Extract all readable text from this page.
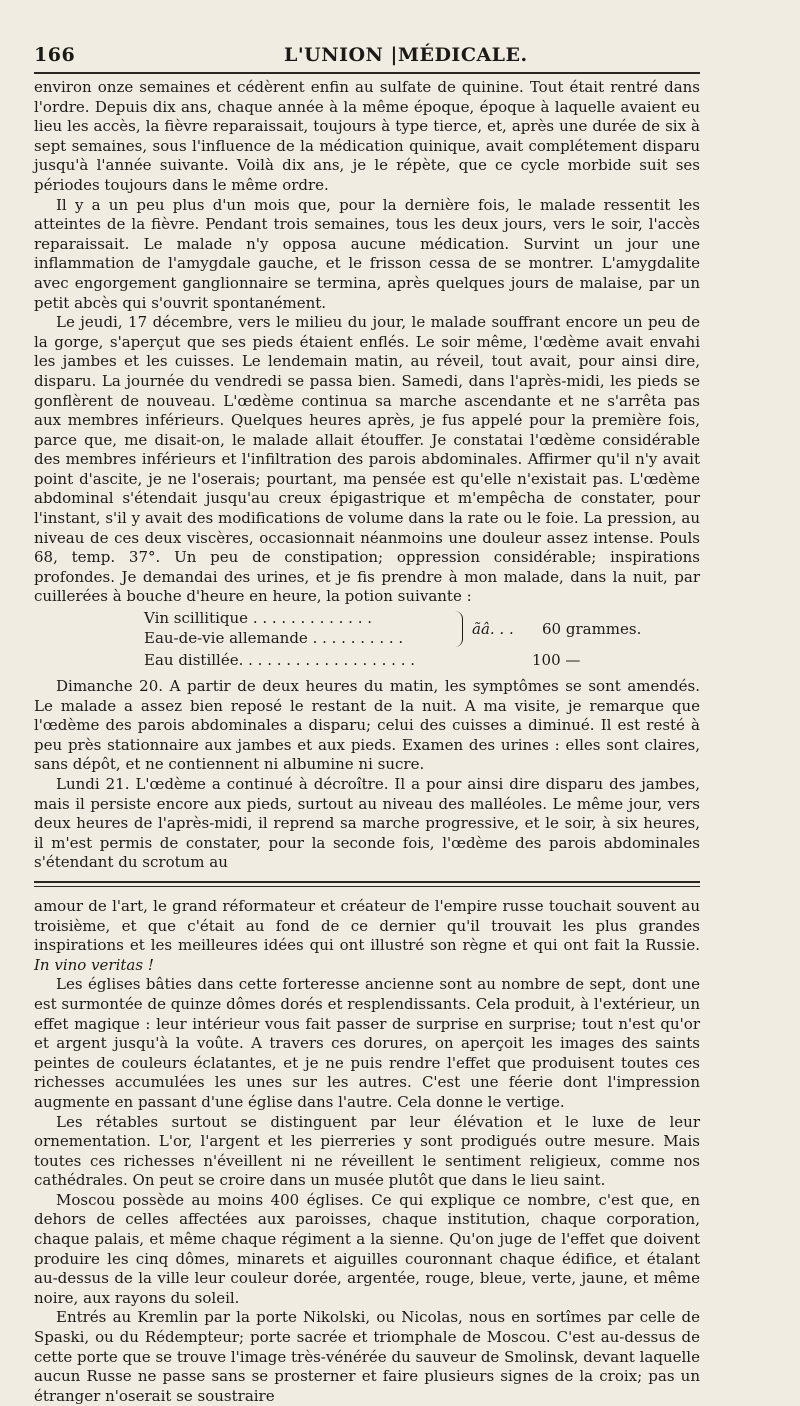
166	L'UNION |MÉDICALE.

environ onze semaines et cédèrent enfin au sulfate de quinine. Tout était rentré dans l'ordre. Depuis dix ans, chaque année à la même époque, époque à laquelle avaient eu lieu les accès, la fièvre reparaissait, toujours à type tierce, et, après une durée de six à sept semaines, sous l'influence de la médication quinique, avait complétement disparu jusqu'à l'année suivante. Voilà dix ans, je le répète, que ce cycle morbide suit ses périodes toujours dans le même ordre.

Il y a un peu plus d'un mois que, pour la dernière fois, le malade ressentit les atteintes de la fièvre. Pendant trois semaines, tous les deux jours, vers le soir, l'accès reparaissait. Le malade n'y opposa aucune médication. Survint un jour une inflammation de l'amygdale gauche, et le frisson cessa de se montrer. L'amygdalite avec engorgement ganglionnaire se termina, après quelques jours de malaise, par un petit abcès qui s'ouvrit spontanément.

Le jeudi, 17 décembre, vers le milieu du jour, le malade souffrant encore un peu de la gorge, s'aperçut que ses pieds étaient enflés. Le soir même, l'œdème avait envahi les jambes et les cuisses. Le lendemain matin, au réveil, tout avait, pour ainsi dire, disparu. La journée du vendredi se passa bien. Samedi, dans l'après-midi, les pieds se gonflèrent de nouveau. L'œdème continua sa marche ascendante et ne s'arrêta pas aux membres inférieurs. Quelques heures après, je fus appelé pour la première fois, parce que, me disait-on, le malade allait étouffer. Je constatai l'œdème considérable des membres inférieurs et l'infiltration des parois abdominales. Affirmer qu'il n'y avait point d'ascite, je ne l'oserais; pourtant, ma pensée est qu'elle n'existait pas. L'œdème abdominal s'étendait jusqu'au creux épigastrique et m'empêcha de constater, pour l'instant, s'il y avait des modifications de volume dans la rate ou le foie. La pression, au niveau de ces deux viscères, occasionnait néanmoins une douleur assez intense. Pouls 68, temp. 37°. Un peu de constipation; oppression considérable; inspirations profondes. Je demandai des urines, et je fis prendre à mon malade, dans la nuit, par cuillerées à bouche d'heure en heure, la potion suivante :

Vin scillitique . . . . . . . . . . . . .
Eau-de-vie allemande . . . . . . . . . .	ãâ. . . 60 grammes.
Eau distillée. . . . . . . . . . . . . . . . . . .	100 —

Dimanche 20. A partir de deux heures du matin, les symptômes se sont amendés. Le malade a assez bien reposé le restant de la nuit. A ma visite, je remarque que l'œdème des parois abdominales a disparu; celui des cuisses a diminué. Il est resté à peu près stationnaire aux jambes et aux pieds. Examen des urines : elles sont claires, sans dépôt, et ne contiennent ni albumine ni sucre.

Lundi 21. L'œdème a continué à décroître. Il a pour ainsi dire disparu des jambes, mais il persiste encore aux pieds, surtout au niveau des malléoles. Le même jour, vers deux heures de l'après-midi, il reprend sa marche progressive, et le soir, à six heures, il m'est permis de constater, pour la seconde fois, l'œdème des parois abdominales s'étendant du scrotum au

amour de l'art, le grand réformateur et créateur de l'empire russe touchait souvent au troisième, et que c'était au fond de ce dernier qu'il trouvait les plus grandes inspirations et les meilleures idées qui ont illustré son règne et qui ont fait la Russie. In vino veritas !

Les églises bâties dans cette forteresse ancienne sont au nombre de sept, dont une est surmontée de quinze dômes dorés et resplendissants. Cela produit, à l'extérieur, un effet magique : leur intérieur vous fait passer de surprise en surprise; tout n'est qu'or et argent jusqu'à la voûte. A travers ces dorures, on aperçoit les images des saints peintes de couleurs éclatantes, et je ne puis rendre l'effet que produisent toutes ces richesses accumulées les unes sur les autres. C'est une féerie dont l'impression augmente en passant d'une église dans l'autre. Cela donne le vertige.

Les rétables surtout se distinguent par leur élévation et le luxe de leur ornementation. L'or, l'argent et les pierreries y sont prodigués outre mesure. Mais toutes ces richesses n'éveillent ni ne réveillent le sentiment religieux, comme nos cathédrales. On peut se croire dans un musée plutôt que dans le lieu saint.

Moscou possède au moins 400 églises. Ce qui explique ce nombre, c'est que, en dehors de celles affectées aux paroisses, chaque institution, chaque corporation, chaque palais, et même chaque régiment a la sienne. Qu'on juge de l'effet que doivent produire les cinq dômes, minarets et aiguilles couronnant chaque édifice, et étalant au-dessus de la ville leur couleur dorée, argentée, rouge, bleue, verte, jaune, et même noire, aux rayons du soleil.

Entrés au Kremlin par la porte Nikolski, ou Nicolas, nous en sortîmes par celle de Spaski, ou du Rédempteur; porte sacrée et triomphale de Moscou. C'est au-dessus de cette porte que se trouve l'image très-vénérée du sauveur de Smolinsk, devant laquelle aucun Russe ne passe sans se prosterner et faire plusieurs signes de la croix; pas un étranger n'oserait se soustraire
